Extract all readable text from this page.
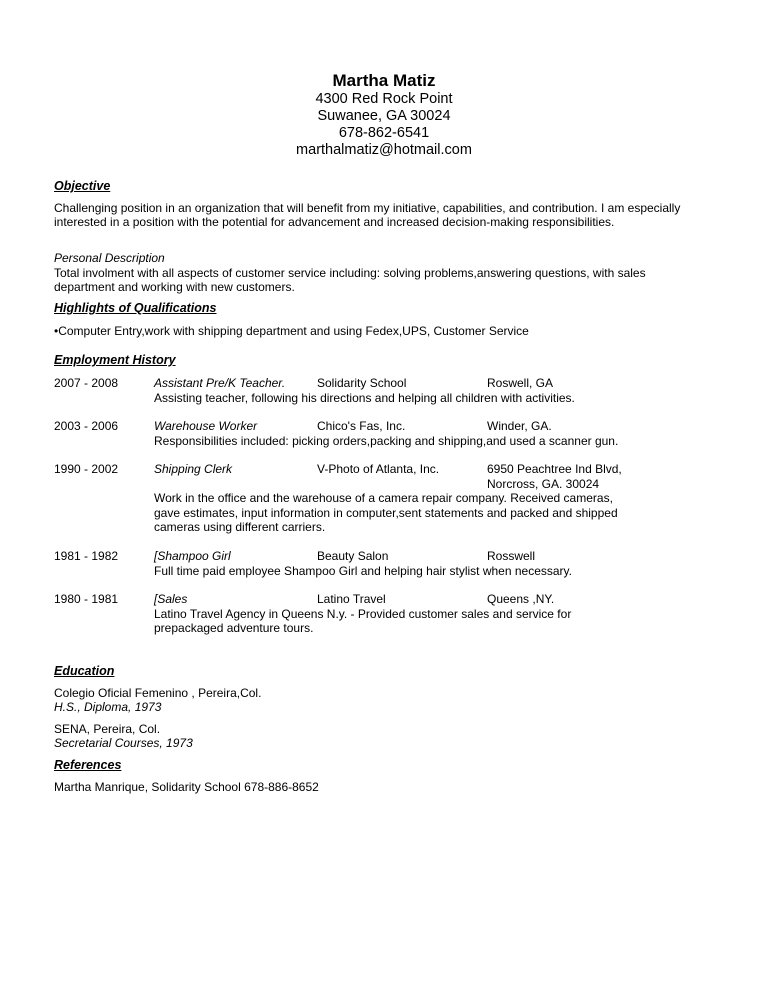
Martha Matiz
4300 Red Rock Point
Suwanee, GA 30024
678-862-6541
marthalmatiz@hotmail.com
Objective
Challenging position in an organization that will benefit from my initiative, capabilities, and contribution. I am especially
interested in a position with the potential for advancement and increased decision-making responsibilities.
Personal Description
Total involment with all aspects of customer service including: solving problems,answering questions, with sales
department and working with new customers.
Highlights of Qualifications
•Computer Entry,work with shipping department and using Fedex,UPS, Customer Service
Employment History
2007 - 2008	Assistant Pre/K Teacher.	Solidarity School	Roswell, GA
Assisting teacher, following his directions and helping all children with activities.
2003 - 2006	Warehouse Worker	Chico's Fas, Inc.	Winder, GA.
Responsibilities included: picking orders,packing and shipping,and used a scanner gun.
1990 - 2002	Shipping Clerk	V-Photo of Atlanta, Inc.	6950 Peachtree Ind Blvd,
Norcross, GA. 30024
Work in the office and the warehouse of a camera repair company. Received cameras,
gave estimates, input information in computer,sent statements and packed and shipped
cameras using different carriers.
1981 - 1982	[Shampoo Girl	Beauty Salon	Rosswell
Full time paid employee Shampoo Girl and helping hair stylist when necessary.
1980 - 1981	[Sales	Latino Travel	Queens ,NY.
Latino Travel Agency in Queens N.y. - Provided customer sales and service for
prepackaged adventure tours.
Education
Colegio Oficial Femenino , Pereira,Col.
H.S., Diploma, 1973
SENA, Pereira, Col.
Secretarial Courses, 1973
References
Martha Manrique, Solidarity School 678-886-8652
